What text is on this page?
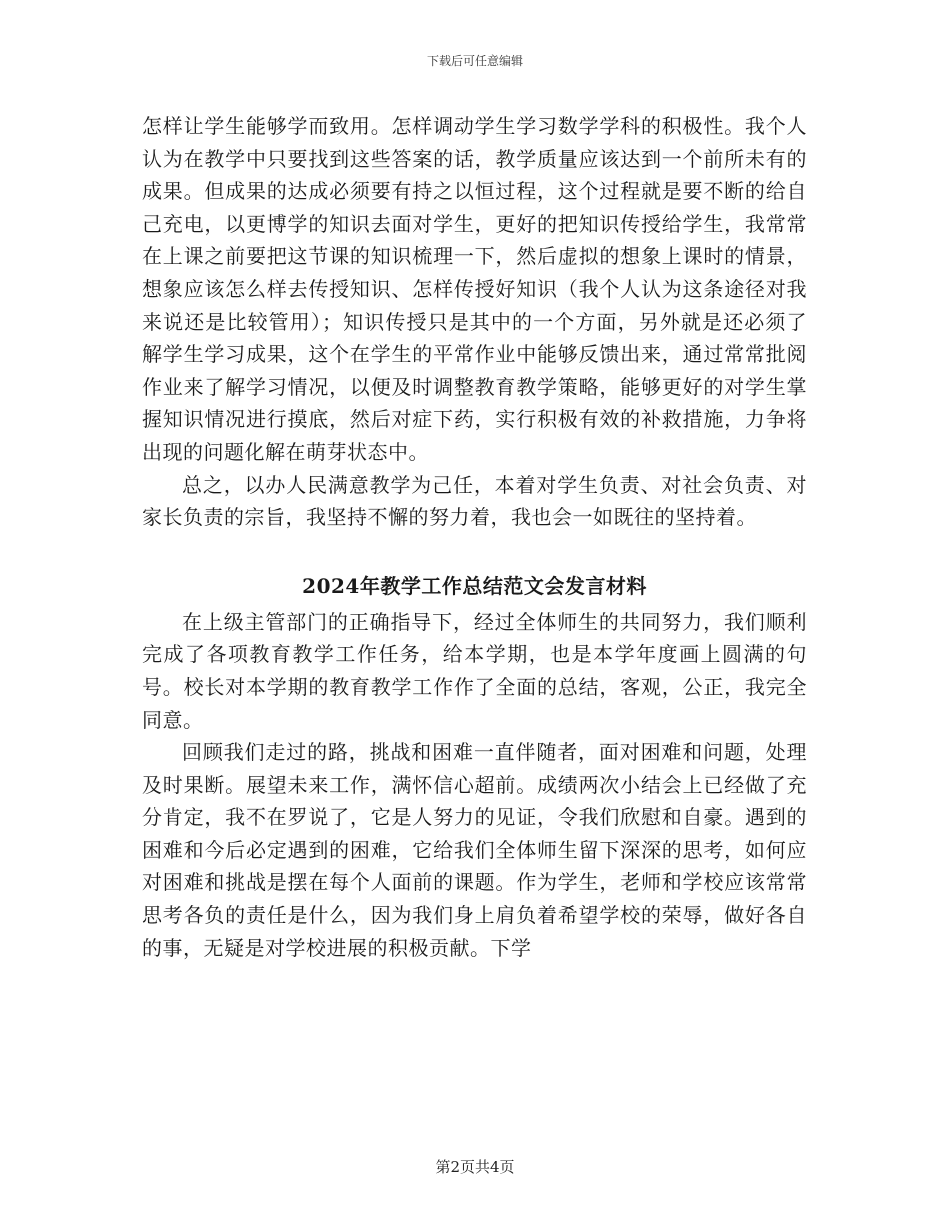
下载后可任意编辑

怎样让学生能够学而致用。怎样调动学生学习数学学科的积极性。我个人认为在教学中只要找到这些答案的话，教学质量应该达到一个前所未有的成果。但成果的达成必须要有持之以恒过程，这个过程就是要不断的给自己充电，以更博学的知识去面对学生，更好的把知识传授给学生，我常常在上课之前要把这节课的知识梳理一下，然后虚拟的想象上课时的情景，想象应该怎么样去传授知识、怎样传授好知识（我个人认为这条途径对我来说还是比较管用）；知识传授只是其中的一个方面，另外就是还必须了解学生学习成果，这个在学生的平常作业中能够反馈出来，通过常常批阅作业来了解学习情况，以便及时调整教育教学策略，能够更好的对学生掌握知识情况进行摸底，然后对症下药，实行积极有效的补救措施，力争将出现的问题化解在萌芽状态中。

总之，以办人民满意教学为己任，本着对学生负责、对社会负责、对家长负责的宗旨，我坚持不懈的努力着，我也会一如既往的坚持着。

2024年教学工作总结范文会发言材料

在上级主管部门的正确指导下，经过全体师生的共同努力，我们顺利完成了各项教育教学工作任务，给本学期，也是本学年度画上圆满的句号。校长对本学期的教育教学工作作了全面的总结，客观，公正，我完全同意。

回顾我们走过的路，挑战和困难一直伴随者，面对困难和问题，处理及时果断。展望未来工作，满怀信心超前。成绩两次小结会上已经做了充分肯定，我不在罗说了，它是人努力的见证，令我们欣慰和自豪。遇到的困难和今后必定遇到的困难，它给我们全体师生留下深深的思考，如何应对困难和挑战是摆在每个人面前的课题。作为学生，老师和学校应该常常思考各负的责任是什么，因为我们身上肩负着希望学校的荣辱，做好各自的事，无疑是对学校进展的积极贡献。下学

第2页共4页
